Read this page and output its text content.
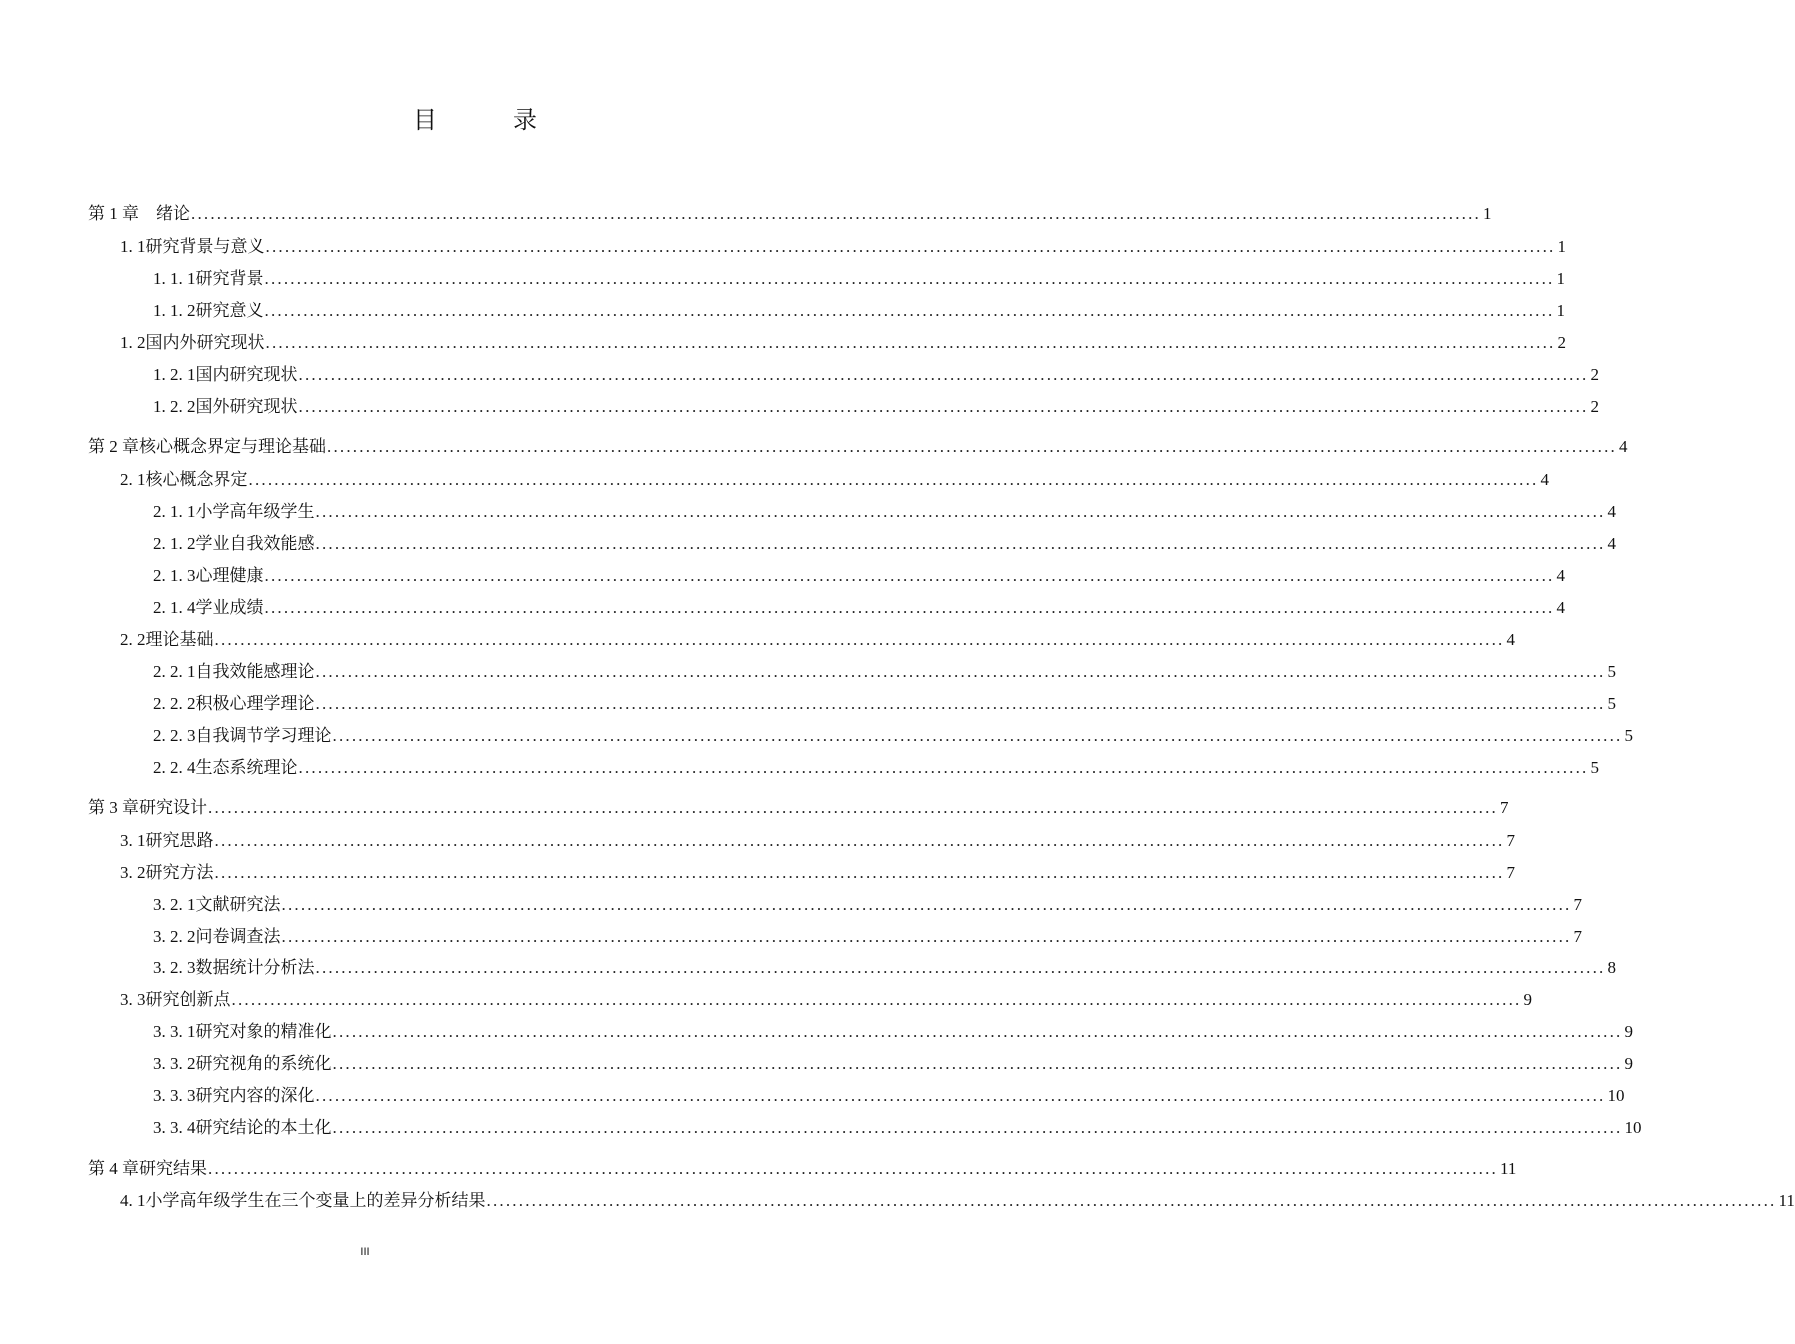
目　录
第 1 章 　绪论 ........................................................................................................................................................................................................ 1
1. 1 研究背景与意义 ........................................................................................................................................................................................................ 1
1. 1. 1 研究背景 ........................................................................................................................................................................................................ 1
1. 1. 2 研究意义 ........................................................................................................................................................................................................ 1
1. 2 国内外研究现状 ........................................................................................................................................................................................................ 2
1. 2. 1 国内研究现状 ........................................................................................................................................................................................................ 2
1. 2. 2 国外研究现状 ........................................................................................................................................................................................................ 2
第 2 章 核心概念界定与理论基础 ........................................................................................................................................................................................................ 4
2. 1 核心概念界定 ........................................................................................................................................................................................................ 4
2. 1. 1 小学高年级学生 ........................................................................................................................................................................................................ 4
2. 1. 2 学业自我效能感 ........................................................................................................................................................................................................ 4
2. 1. 3 心理健康 ........................................................................................................................................................................................................ 4
2. 1. 4 学业成绩 ........................................................................................................................................................................................................ 4
2. 2 理论基础 ........................................................................................................................................................................................................ 4
2. 2. 1 自我效能感理论 ........................................................................................................................................................................................................ 5
2. 2. 2 积极心理学理论 ........................................................................................................................................................................................................ 5
2. 2. 3 自我调节学习理论 ........................................................................................................................................................................................................ 5
2. 2. 4 生态系统理论 ........................................................................................................................................................................................................ 5
第 3 章 研究设计 ........................................................................................................................................................................................................ 7
3. 1 研究思路 ........................................................................................................................................................................................................ 7
3. 2 研究方法 ........................................................................................................................................................................................................ 7
3. 2. 1 文献研究法 ........................................................................................................................................................................................................ 7
3. 2. 2 问卷调查法 ........................................................................................................................................................................................................ 7
3. 2. 3 数据统计分析法 ........................................................................................................................................................................................................ 8
3. 3 研究创新点 ........................................................................................................................................................................................................ 9
3. 3. 1 研究对象的精准化 ........................................................................................................................................................................................................ 9
3. 3. 2 研究视角的系统化 ........................................................................................................................................................................................................ 9
3. 3. 3 研究内容的深化 ........................................................................................................................................................................................................ 10
3. 3. 4 研究结论的本土化 ........................................................................................................................................................................................................ 10
第 4 章 研究结果 ........................................................................................................................................................................................................ 11
4. 1 小学高年级学生在三个变量上的差异分析结果 ........................................................................................................................................................................................................ 11
III
